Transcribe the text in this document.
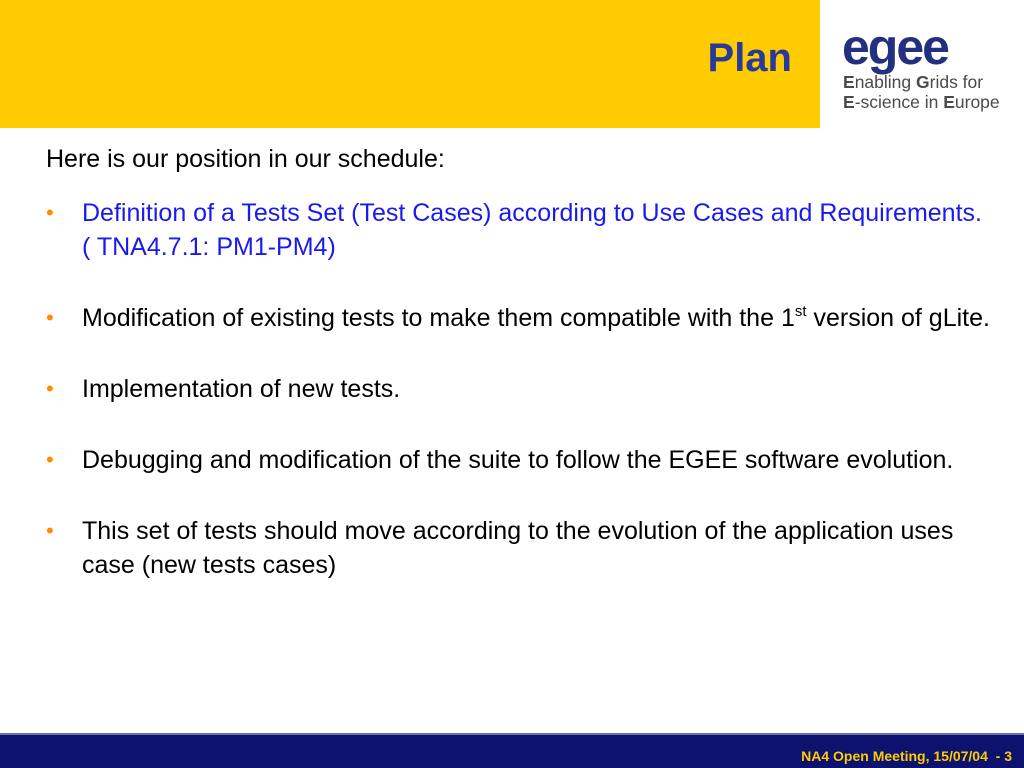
Plan egee
Enabling Grids for
E-science in Europe

Here is our position in our schedule:

• Definition of a Tests Set (Test Cases) according to Use Cases and Requirements. ( TNA4.7.1: PM1-PM4)
• Modification of existing tests to make them compatible with the 1st version of gLite.
• Implementation of new tests.
• Debugging and modification of the suite to follow the EGEE software evolution.
• This set of tests should move according to the evolution of the application uses case (new tests cases)
NA4 Open Meeting, 15/07/04  - 3
